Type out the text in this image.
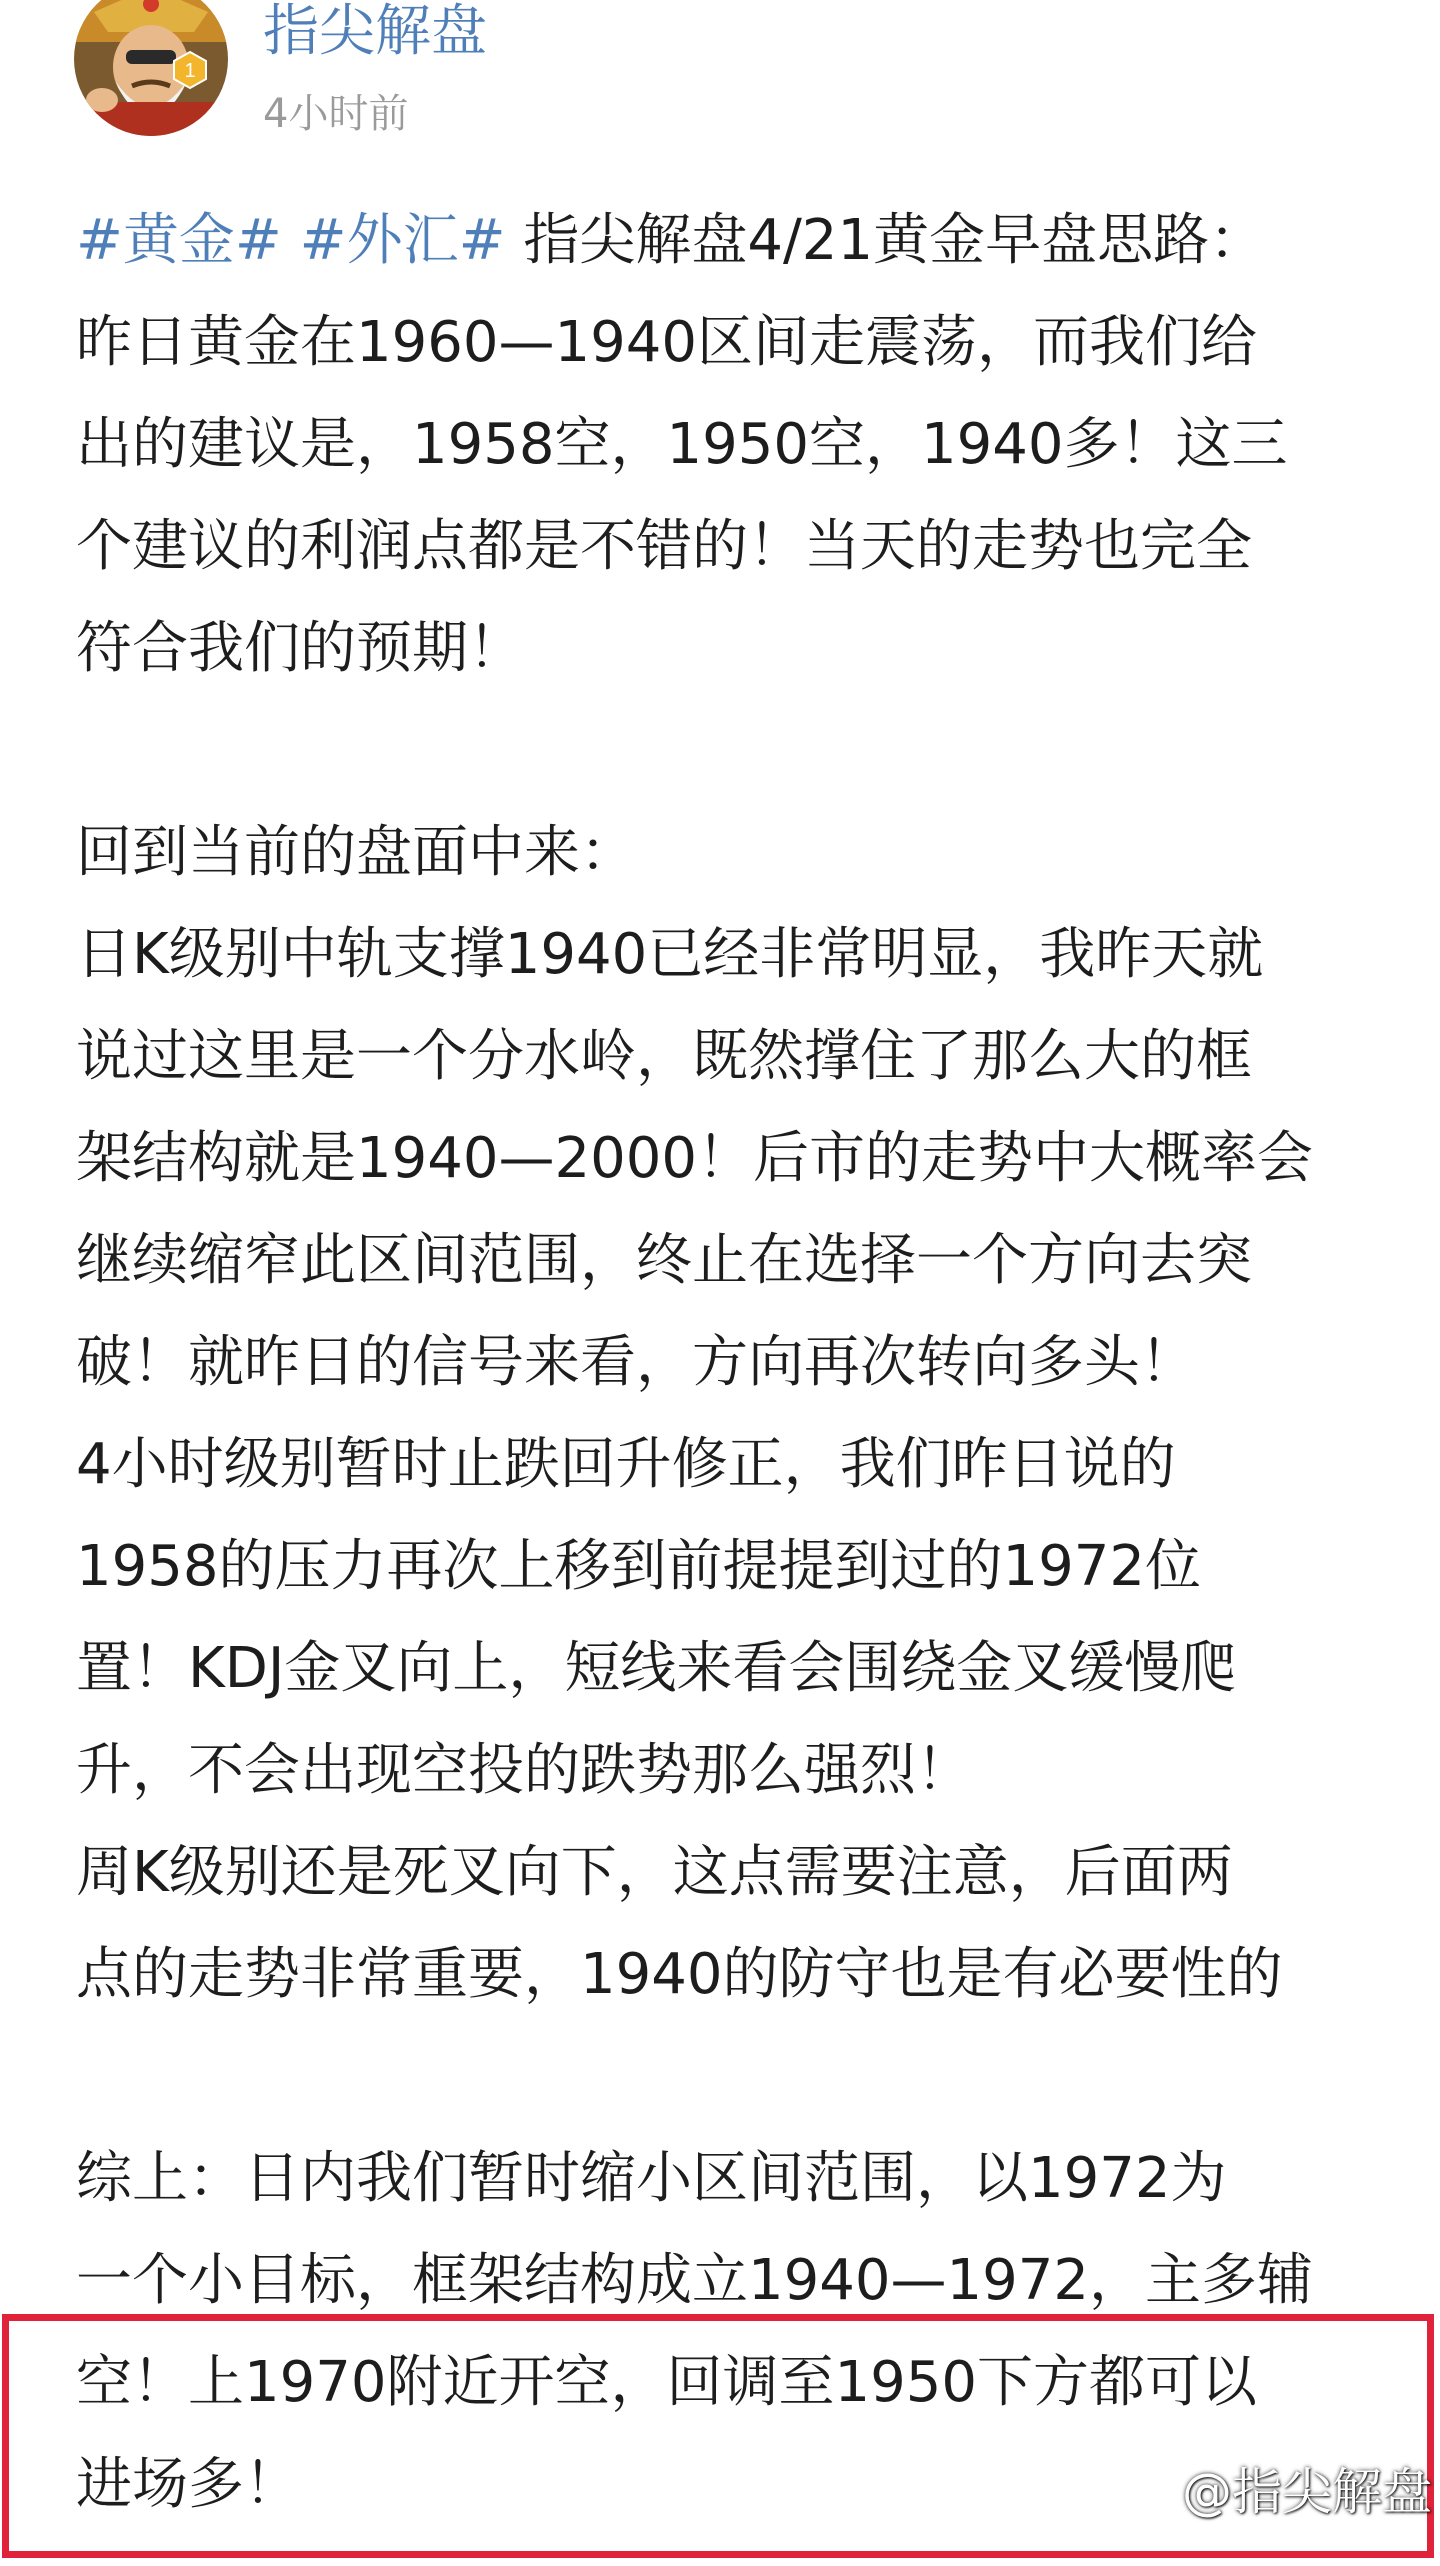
1
指尖解盘
4小时前
#黄金# #外汇# 指尖解盘4/21黄金早盘思路：
昨日黄金在1960—1940区间走震荡，而我们给
出的建议是，1958空，1950空，1940多！这三
个建议的利润点都是不错的！当天的走势也完全
符合我们的预期！
回到当前的盘面中来：
日K级别中轨支撑1940已经非常明显，我昨天就
说过这里是一个分水岭，既然撑住了那么大的框
架结构就是1940—2000！后市的走势中大概率会
继续缩窄此区间范围，终止在选择一个方向去突
破！就昨日的信号来看，方向再次转向多头！
4小时级别暂时止跌回升修正，我们昨日说的
1958的压力再次上移到前提提到过的1972位
置！KDJ金叉向上，短线来看会围绕金叉缓慢爬
升，不会出现空投的跌势那么强烈！
周K级别还是死叉向下，这点需要注意，后面两
点的走势非常重要，1940的防守也是有必要性的
综上：日内我们暂时缩小区间范围，以1972为
一个小目标，框架结构成立1940—1972，主多辅
空！上1970附近开空，回调至1950下方都可以
进场多！	@指尖解盘
